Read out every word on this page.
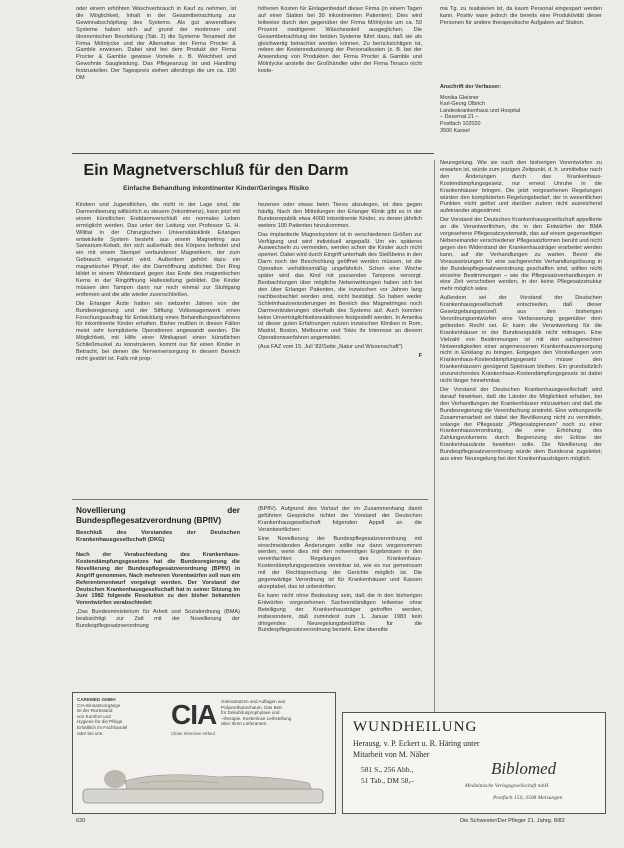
oder einem erhöhten Waschverbrauch in Kauf zu nehmen, ist die Möglichkeit, Inhalt in der Gesamtbetrachtung zur Gewinnabschöpfung des Systems. Als gut anwendbare Systeme haben sich auf grund der modernen und ökonomischen Beurteilung (Tab. 2) die Systeme Tenamed der Firma Mölnlycke und der Alternative der Firma Procter & Gamble erwiesen. Dabei sind bei dem Produkt der Firma Procter & Gamble gewisse Vorteile z. B. Weichheit und Gewohnte Saugleistung. Das Pflegeanzug ist und Handling festzustellen. Der Tagespreis stehen allerdings die um ca. 190 DM

höheren Kosten für Einlagenbedarf dieser Firma (in einem Tagen auf einer Station bei 30 inkontinenten Patienten). Dies wird teilweise durch den gegenüber der Firma Mölnlycke um ca. 50 Prozent niedrigeren Wäscheanteil ausgeglichen. Die Gesamtbetrachtung der beiden Systeme führt dazu, daß sie als gleichwertig betrachtet werden können. Zu berücksichtigen ist, neben der Kostenreduzierung der Personalkosten (z. B. bei der Anwendung von Produkten der Firma Procter & Gamble und Mölnlycke anstelle der Großhändler oder der Firma Tenaco nicht koste-

ma Tg. zu realisieren ist, da kaum Personal eingespart werden kann. Positiv ware jedoch die bereits eine Produktivität dieser Personen für andere therapeutische Aufgaben auf Station.

Anschrift der Verfasser:
Monika Gleixner
Karl-Georg Olbrich
Landeskrankenhaus und Hospital
– Dezernat 21 –
Postfach 102020
3500 Kassel
Ein Magnetverschluß für den Darm
Einfache Behandlung inkontinenter Kinder/Geringes Risiko

Kindern und Jugendlichen, die nicht in der Lage sind, die Darmentleerung willkürlich zu steuern (Inkontinenz), kann jetzt mit einem künstlichen Enddarmverschluß ein normales Leben ermöglicht werden. Das unter der Leitung von Professor G. H. Willital in der Chirurgischen Universitätsklinik Erlangen entwickelte System besteht aus einem Magnetring aus Samarium-Kobalt, der sich außerhalb des Körpers befindet und ein mit einem Stempel verbundener Magnetkern, der zum Gebrauch eingesetzt wird. Außerdem gehört dazu ein magnetischer Pfropf, der die Darmöffnung abdichtet. Der Ring bildet in einem Widerstand gegen das Ende des magnetischen Kerns in der Ringöffnung Haltestellung gebildet. Die Kinder müssen den Tampon dann nur noch einmal zur Stuhlgang entfernen und die alte wieder zuverschließen.

Die Erlanger Ärzte hatten ein siebzehn Jahren von der Bundesregierung und der Stiftung Volkswagenwerk einen Forschungsauftrag für Entwicklung eines Behandlungsverfahrens für inkontinente Kinder erhalten. Bisher mußten in diesen Fällen meist sehr komplizierte Operationen angewandt werden. Die Möglichkeit, mit Hilfe einer Minikapsel einen künstlichen Schließmuskel zu konstruieren, kommt nur für einen Kinder in Betracht, bei denen die Nervenversorgung in diesem Bereich nicht gestört ist. Falls mit prop-

hezenen oder etwas beim Tieres abzulegen, ist dies gegen häufig. Nach den Mitteilungen der Erlanger Klinik gibt es in der Bundesrepublik etwa 4000 inkontinente Kinder, zu denen jährlich weitere 100 Patienten hinzukommen.

Das implantierte Magnetsystem ist in verschiedenen Größen zur Verfügung und wird individuell angepaßt. Um ein späteres Auswechseln zu vermeiden, werden schon die Kinder auch nicht operiert. Dabei wird durch Eingriff unterhalb des Steißbeins in den Darm noch der Beschichtung geöffnet werden müssen, ist die Operation verhältnismäßig ungefährlich. Schon eine Woche später wird das Kind mit passenden Tampons versorgt. Beobachtungen über mögliche Nebenwirkungen haben sich bei den über Erlanger Patienten, die inzwischen vor Jahren lang nachbeobachtet worden sind, nicht bestätigt. So haben weder Schleimhautveränderungen im Bereich des Magnetringes noch Darmveränderungen oberhalb des Systems auf. Auch konnten keine Unverträglichkeitsreaktionen festgestellt werden. In Amerika ist dieser guten Erfahrungen nutzen inzwischen Kliniken in Rom, Madrid, Boston, Melbourne und Tokio ihr Interesse an diesem Operationsverfahren angemeldet.

(Aus FAZ vom 15. Juli '82/Seite „Natur und Wissenschaft")

F

Neuregelung. Wie sie nach den bisherigen Vorentwürfen zu erwarten ist, würde zum jetzigen Zeitpunkt, d. h. unmittelbar nach den Änderungen durch das Krankenhaus-Kostendämpfungsgesetz, nur erneut Unruhe in die Krankenhäuser bringen. Die jetzt vorgesehenen Regelungen würden den komplizierten Regelungsbedarf, der in wesentlichen Punkten nicht gelöst und darüber zudem nicht ausreichend aufeinander abgestimmt.

Der Vorstand der Deutschen Krankenhausgesellschaft appellierte an die Verantwortlichen, die in den Entwürfen der BMA vorgesehene Pflegesatzsystematik, das auf einem gegenseitigen Nebeneinander verschiedener Pflegesatzformen beruht und nicht gegen den Widerstand der Krankenhausträger erarbeitet werden kann, auf die Verhandlungen zu warten. Bevor die Voraussetzungen für eine sachgerechte Verhandlungslösung in der Bundespflegesatzverordnung geschaffen sind, sollten nicht einzelne Bestimmungen – wie die Pflegesatzverhandlungen in eine Zeit verschoben werden, in der keine Pflegesatzstruktur mehr möglich wäre.

Außerdem sei der Vorstand der Deutschen Krankenhausgesellschaft entschieden, daß dieser Gesetzgebungsprozeß aus den bisherigen Verordnungsentwürfen eine Verbesserung gegenüber dem geltenden Recht sei. Er kann die Verantwortung für die Krankenhäuser in der Bundesrepublik nicht mittragen. Eine Vielzahl von Bestimmungen ist mit den sachgerechten Notwendigkeiten einer angemessenen Krankenhausversorgung nicht in Einklang zu bringen. Entgegen den Vorstellungen vom Krankenhaus-Kostendämpfungsgesetz müsse den Krankenhäusern genügend Spielraum bleiben. Ein grundsätzlich unzureichendes Krankenhaus-Kostendämpfungsgesetz ist dabei nicht länger hinnehmbar.

Der Vorstand der Deutschen Krankenhausgesellschaft wird darauf hinwirken, daß die Länder die Möglichkeit erhalten, bei den Verhandlungen der Krankenhäuser mitzuwirken und daß die Bundesregierung die Vereinfachung anstrebt. Eine wirkungsvolle Zusammenarbeit sei dabei der Bevölkerung nicht zu vermitteln, solange der Pflegesatz „Pflegesatzgrenzen" noch zu einer Krankenhausverordnung, die eine Erhöhung des Zahlungsvolumens durch Begrenzung der Erlöse der Krankenhausärzte bewirken solle. Die Nivellierung der Bundespflegesatzverordnung würde dem Bundesrat zugeleitet; aus einer Neuregelung bei den Krankenhausträgern möglich.

Novellierung der Bundespflegesatzverordnung (BPflV)
Beschluß des Vorstandes der Deutschen Krankenhausgesellschaft (DKG)

Nach der Verabschiedung des Krankenhaus-Kostendämpfungsgesetzes hat die Bundesregierung die Novellierung der Bundespflegesatzverordnung (BPflV) in Angriff genommen. Nach mehreren Vorentwürfen soll nun ein Referentenentwurf vorgelegt werden. Der Vorstand der Deutschen Krankenhausgesellschaft hat in seiner Sitzung im Juni 1982 folgende Resolution zu den bisher bekannten Vorentwürfen verabschiedet:

„Das Bundesministerium für Arbeit und Sozialordnung (BMA) beabsichtigt zur Zeit mit der Novellierung der Bundespflegesatzverordnung

(BPflV). Aufgrund des Vorlauf der im Zusammenhang damit geführten Gespräche richtet der Vorstand der Deutschen Krankenhausgesellschaft folgenden Appell an die Verantwortlichen:

Eine Novellierung der Bundespflegesatzverordnung mit einschneidenden Änderungen sollte nur dann vorgenommen werden, wenn dies mit den notwendigen Ergebnissen in den vereinfachten Regelungen des Krankenhaus-Kostendämpfungsgesetzes vereinbar ist, wie es nur gemeinsam mit der Rechtsprechung der Gerichte möglich ist. Die gegenwärtige Verordnung ist für Krankenhäuser und Kassen akzeptabel, das ist unbestritten.

Es kann nicht ohne Bedeutung sein, daß die in den bisherigen Entwürfen vorgesehenen Sachverständigen teilweise ohne Beteiligung der Krankenhausträger getroffen werden, insbesondere, daß zumindest zum 1. Januar 1983 kein dringendes Neuregelungsbedürfnis für die Bundespflegesatzverordnung besteht. Eine übereilte

CAREMED GMBH
CIA-Einsatzvorgänge
ist der Rückstand
von Komfort und
Hygiene für die Pflege.
Erhältlich im Fachhandel
oder bei uns.
CIA
Clean Intensive Airbed
Gelmatratzen und Auflagen aus
Polyurethanschaum. Das Bett
für Dekubitusprophylaxe und
–therapie. Kostenlose Leihstellung
über Ihren Lieferanten.	WUNDHEILUNG
Herausg. v. P. Eckert u. R. Häring unter
Mitarbeit von M. Näher
581 S., 256 Abb.,
51 Tab., DM 58,–
Biblomed
Medizinische Verlagsgesellschaft mbH
Postfach 150, 3508 Melsungen
620	Die Schwester/Der Pfleger 21. Jahrg. 8/82
